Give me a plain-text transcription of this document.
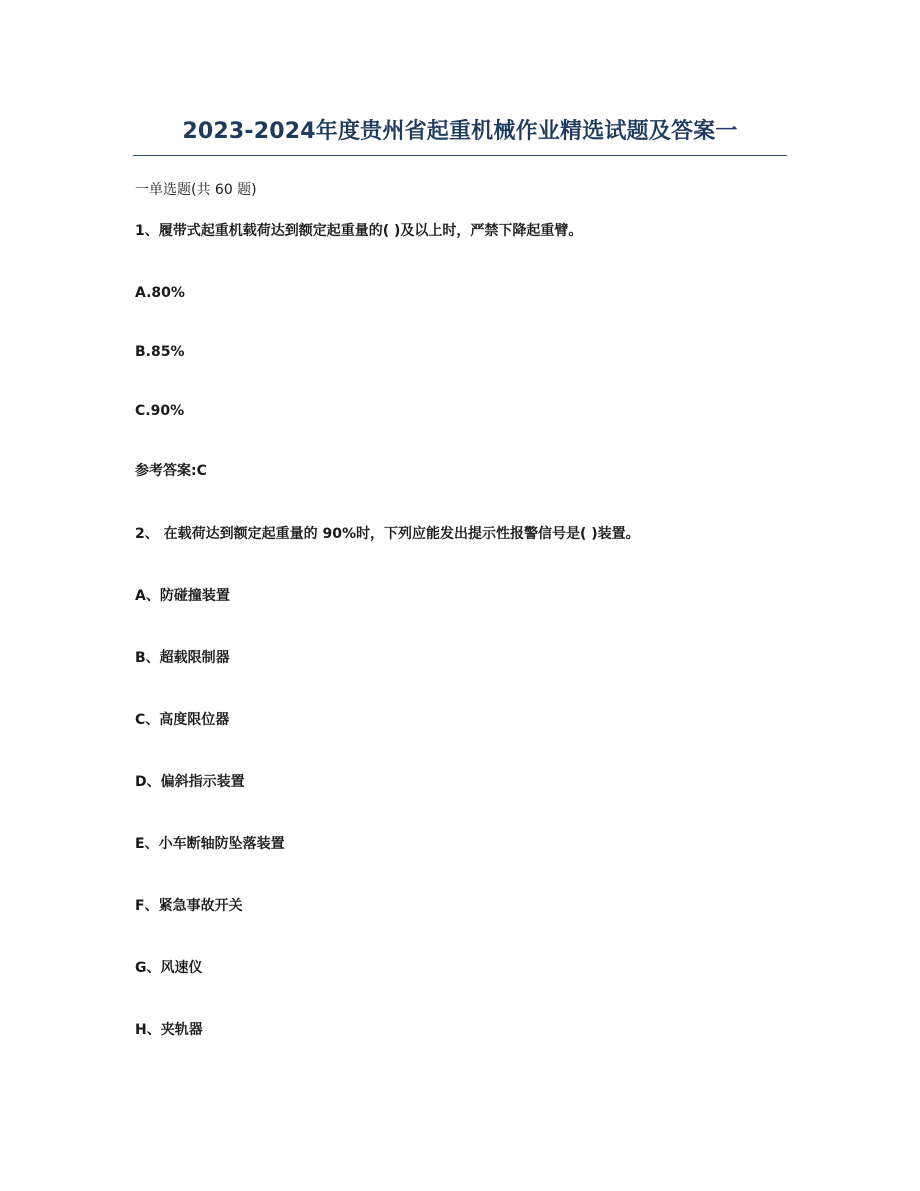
2023-2024年度贵州省起重机械作业精选试题及答案一
一单选题(共 60 题)
1、履带式起重机载荷达到额定起重量的( )及以上时，严禁下降起重臂。
A.80%
B.85%
C.90%
参考答案:C
2、 在载荷达到额定起重量的 90%时，下列应能发出提示性报警信号是( )装置。
A、防碰撞装置
B、超载限制器
C、高度限位器
D、偏斜指示装置
E、小车断轴防坠落装置
F、紧急事故开关
G、风速仪
H、夹轨器
